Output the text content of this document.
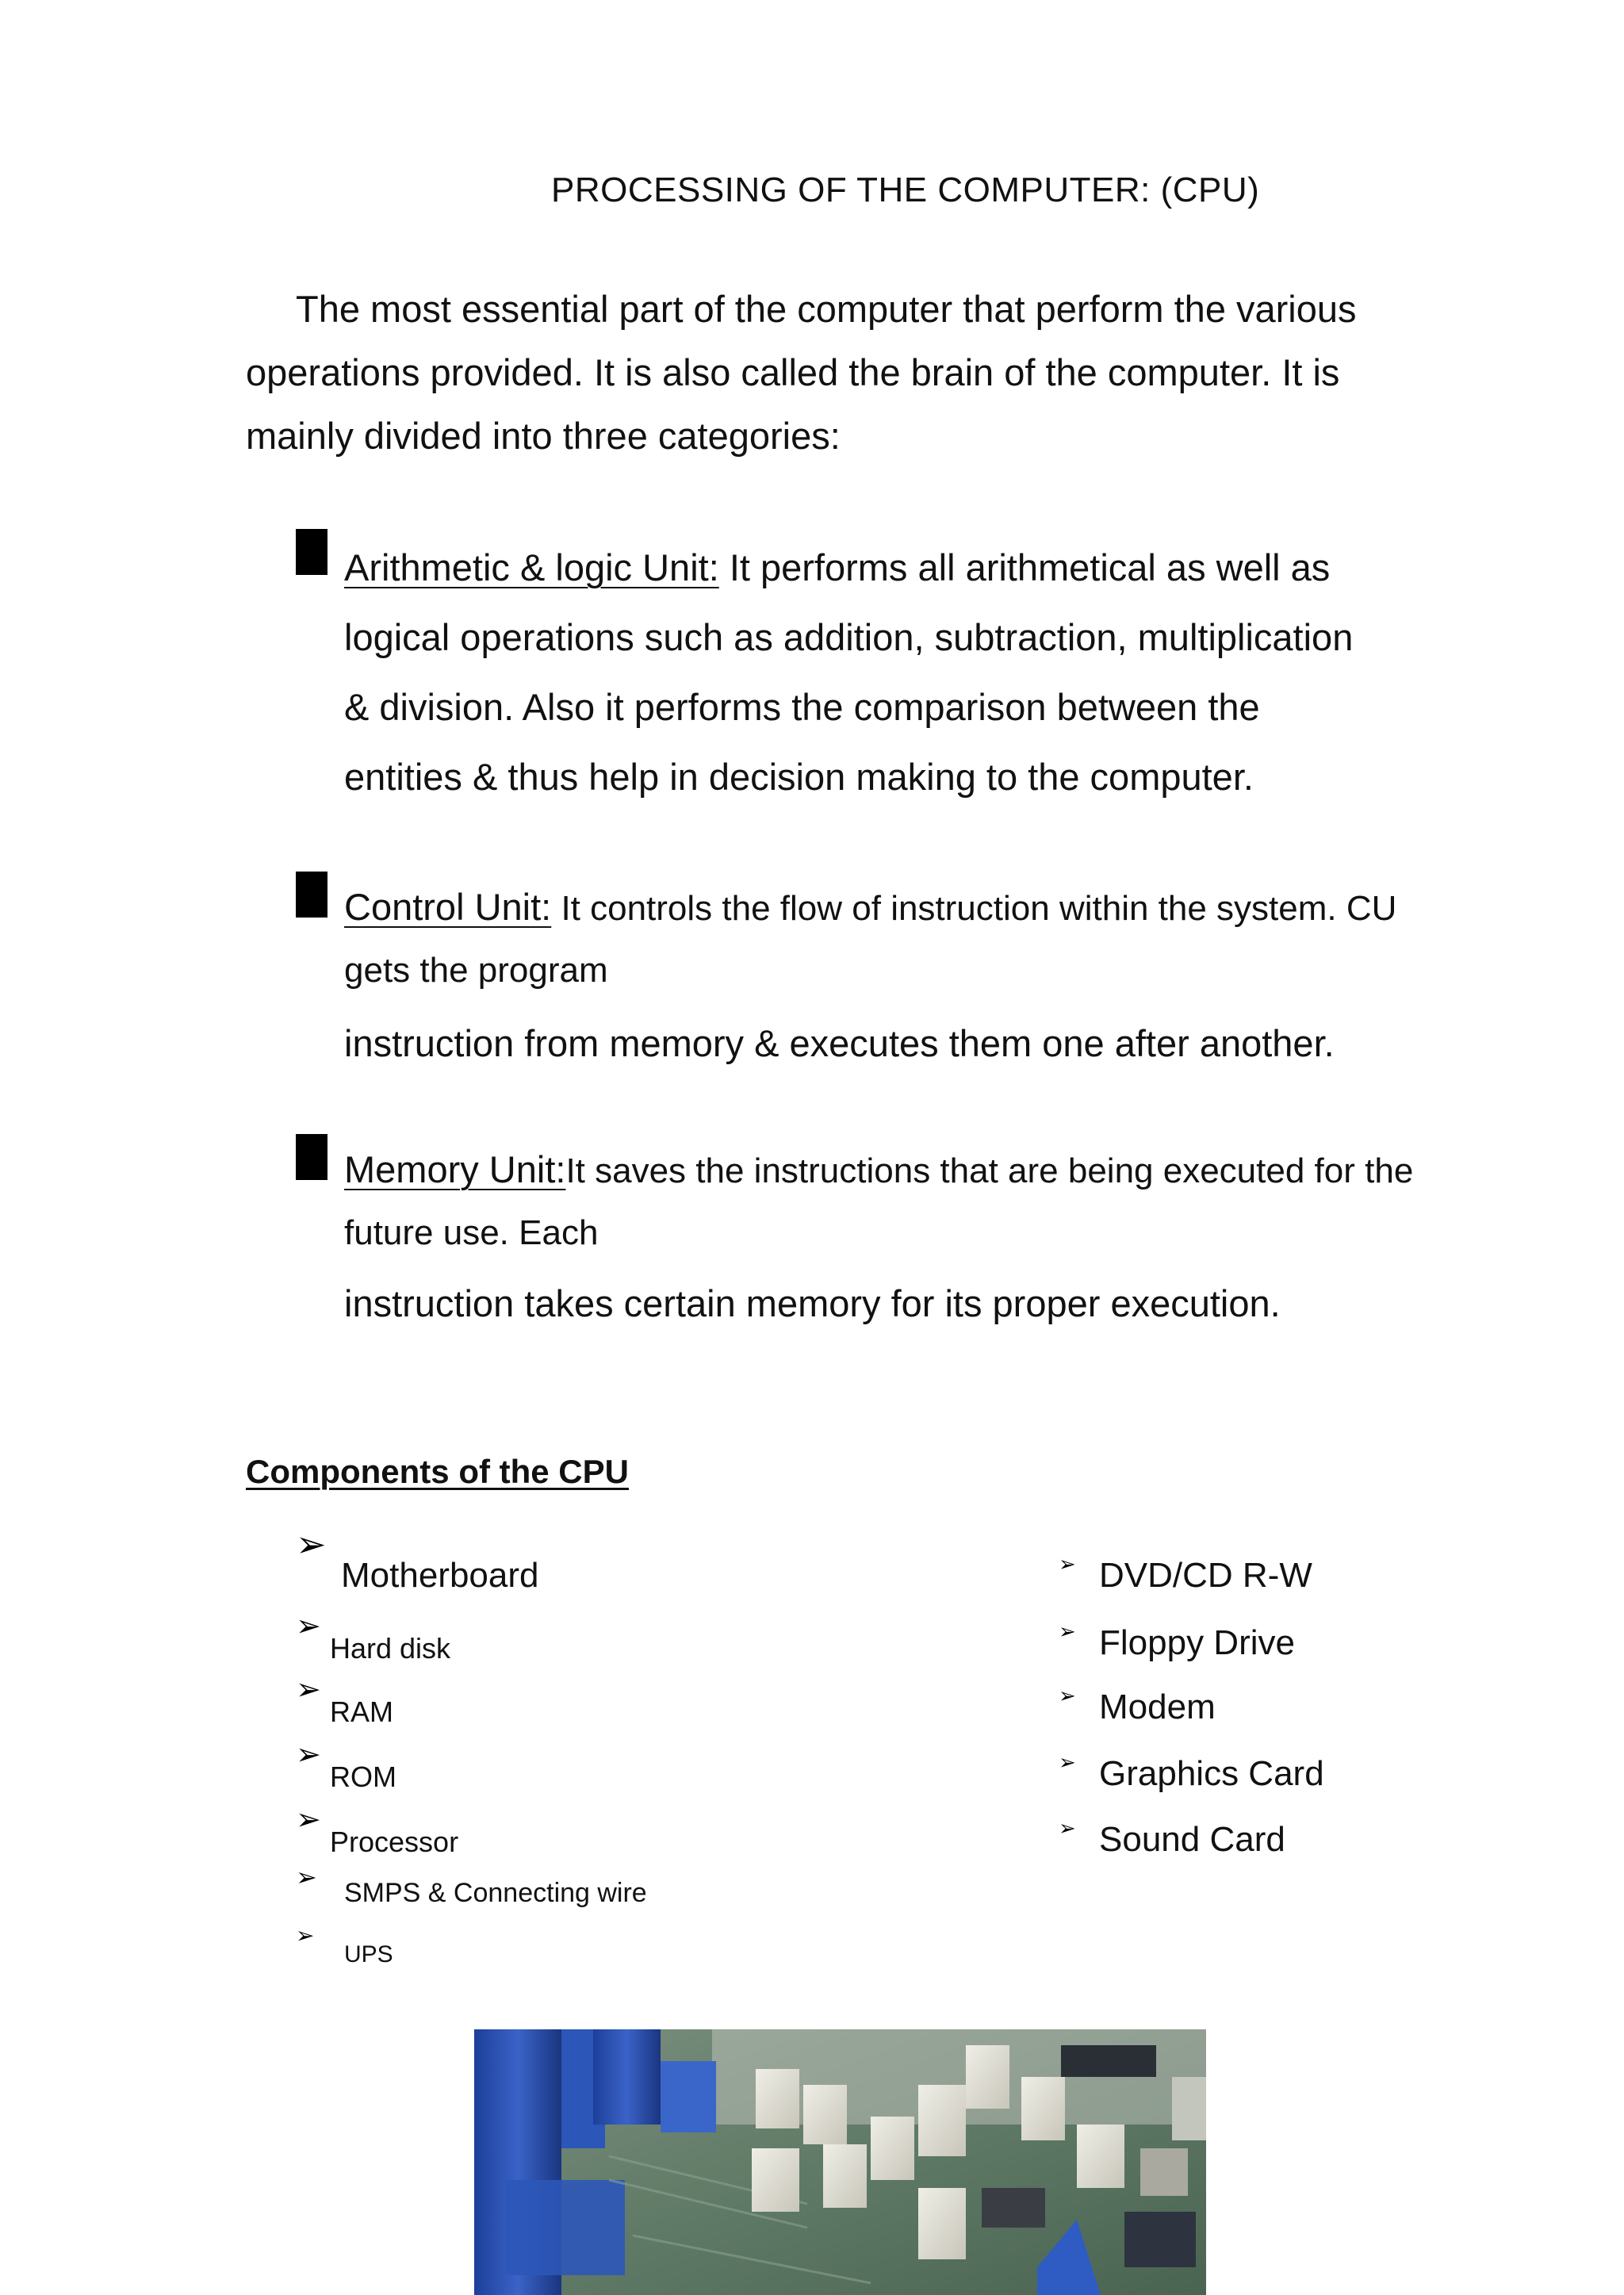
PROCESSING OF THE COMPUTER: (CPU)
The most essential part of the computer that perform the various
operations provided. It is also called the brain of the computer. It is
mainly divided into three categories:
Arithmetic & logic Unit: It performs all arithmetical as well as
logical operations such as addition, subtraction, multiplication
& division. Also it performs the comparison between the
entities & thus help in decision making to the computer.
Control Unit: It controls the flow of instruction within the system. CU
gets the program
instruction from memory & executes them one after another.
Memory Unit:It saves the instructions that are being executed for the
future use. Each
instruction takes certain memory for its proper execution.
Components of the CPU
➢
Motherboard
➢
Hard disk
➢
RAM
➢
ROM
➢
Processor
➢
SMPS & Connecting wire
➢
UPS
➢ DVD/CD R-W
➢ Floppy Drive
➢ Modem
➢ Graphics Card
➢ Sound Card
